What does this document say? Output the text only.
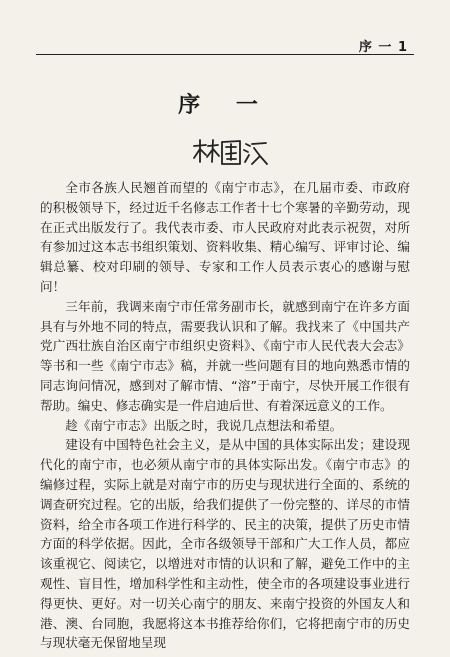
序 一 1
序 一

全市各族人民翘首而望的《南宁市志》，在几届市委、市政府的积极领导下，经过近千名修志工作者十七个寒暑的辛勤劳动，现在正式出版发行了。我代表市委、市人民政府对此表示祝贺，对所有参加过这本志书组织策划、资料收集、精心编写、评审讨论、编辑总纂、校对印刷的领导、专家和工作人员表示衷心的感谢与慰问！

三年前，我调来南宁市任常务副市长，就感到南宁在许多方面具有与外地不同的特点，需要我认识和了解。我找来了《中国共产党广西壮族自治区南宁市组织史资料》、《南宁市人民代表大会志》等书和一些《南宁市志》稿，并就一些问题有目的地向熟悉市情的同志询问情况，感到对了解市情、“溶”于南宁，尽快开展工作很有帮助。编史、修志确实是一件启迪后世、有着深远意义的工作。

趁《南宁市志》出版之时，我说几点想法和希望。

建设有中国特色社会主义，是从中国的具体实际出发；建设现代化的南宁市，也必须从南宁市的具体实际出发。《南宁市志》的编修过程，实际上就是对南宁市的历史与现状进行全面的、系统的调查研究过程。它的出版，给我们提供了一份完整的、详尽的市情资料，给全市各项工作进行科学的、民主的决策，提供了历史市情方面的科学依据。因此，全市各级领导干部和广大工作人员，都应该重视它、阅读它，以增进对市情的认识和了解，避免工作中的主观性、盲目性，增加科学性和主动性，使全市的各项建设事业进行得更快、更好。对一切关心南宁的朋友、来南宁投资的外国友人和港、澳、台同胞，我愿将这本书推荐给你们，它将把南宁市的历史与现状毫无保留地呈现
